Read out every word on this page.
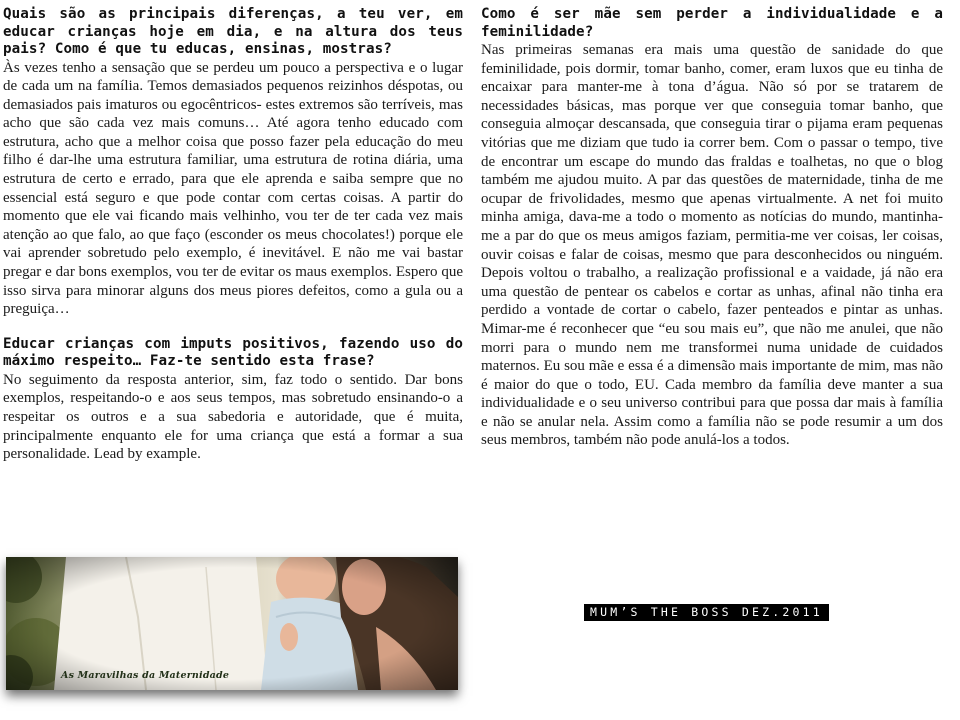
Quais são as principais diferenças, a teu ver, em educar crianças hoje em dia, e na altura dos teus pais? Como é que tu educas, ensinas, mostras?

Às vezes tenho a sensação que se perdeu um pouco a perspectiva e o lugar de cada um na família. Temos demasiados pequenos reizinhos déspotas, ou demasiados pais imaturos ou egocêntricos- estes extremos são terríveis, mas acho que são cada vez mais comuns… Até agora tenho educado com estrutura, acho que a melhor coisa que posso fazer pela educação do meu filho é dar-lhe uma estrutura familiar, uma estrutura de rotina diária, uma estrutura de certo e errado, para que ele aprenda e saiba sempre que no essencial está seguro e que pode contar com certas coisas. A partir do momento que ele vai ficando mais velhinho, vou ter de ter cada vez mais atenção ao que falo, ao que faço (esconder os meus chocolates!) porque ele vai aprender sobretudo pelo exemplo, é inevitável. E não me vai bastar pregar e dar bons exemplos, vou ter de evitar os maus exemplos. Espero que isso sirva para minorar alguns dos meus piores defeitos, como a gula ou a preguiça…

Educar crianças com imputs positivos, fazendo uso do máximo respeito… Faz-te sentido esta frase?

No seguimento da resposta anterior, sim, faz todo o sentido. Dar bons exemplos, respeitando-o e aos seus tempos, mas sobretudo ensinando-o a respeitar os outros e a sua sabedoria e autoridade, que é muita, principalmente enquanto ele for uma criança que está a formar a sua personalidade. Lead by example.

Como é ser mãe sem perder a individualidade e a feminilidade?

Nas primeiras semanas era mais uma questão de sanidade do que feminilidade, pois dormir, tomar banho, comer, eram luxos que eu tinha de encaixar para manter-me à tona d’água. Não só por se tratarem de necessidades básicas, mas porque ver que conseguia tomar banho, que conseguia almoçar descansada, que conseguia tirar o pijama eram pequenas vitórias que me diziam que tudo ia correr bem. Com o passar o tempo, tive de encontrar um escape do mundo das fraldas e toalhetas, no que o blog também me ajudou muito. A par das questões de maternidade, tinha de me ocupar de frivolidades, mesmo que apenas virtualmente. A net foi muito minha amiga, dava-me a todo o momento as notícias do mundo, mantinha-me a par do que os meus amigos faziam, permitia-me ver coisas, ler coisas, ouvir coisas e falar de coisas, mesmo que para desconhecidos ou ninguém. Depois voltou o trabalho, a realização profissional e a vaidade, já não era uma questão de pentear os cabelos e cortar as unhas, afinal não tinha era perdido a vontade de cortar o cabelo, fazer penteados e pintar as unhas. Mimar-me é reconhecer que “eu sou mais eu”, que não me anulei, que não morri para o mundo nem me transformei numa unidade de cuidados maternos. Eu sou mãe e essa é a dimensão mais importante de mim, mas não é maior do que o todo, EU. Cada membro da família deve manter a sua individualidade e o seu universo contribui para que possa dar mais à família e não se anular nela. Assim como a família não se pode resumir a um dos seus membros, também não pode anulá-los a todos.

As Maravilhas da Maternidade
MUM’S THE BOSS DEZ.2011
